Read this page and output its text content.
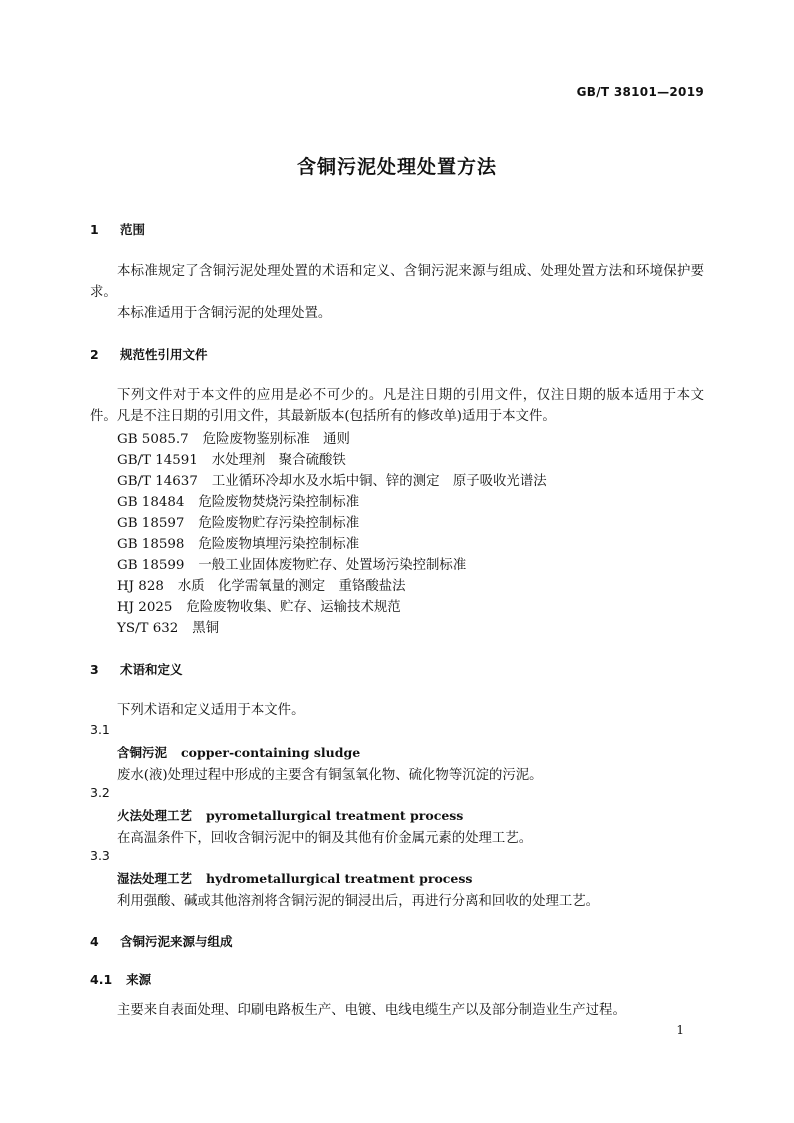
GB/T 38101—2019
含铜污泥处理处置方法
1 范围
本标准规定了含铜污泥处理处置的术语和定义、含铜污泥来源与组成、处理处置方法和环境保护要求。
本标准适用于含铜污泥的处理处置。
2 规范性引用文件
下列文件对于本文件的应用是必不可少的。凡是注日期的引用文件，仅注日期的版本适用于本文件。凡是不注日期的引用文件，其最新版本(包括所有的修改单)适用于本文件。
GB 5085.7 危险废物鉴别标准　通则
GB/T 14591 水处理剂　聚合硫酸铁
GB/T 14637 工业循环冷却水及水垢中铜、锌的测定　原子吸收光谱法
GB 18484 危险废物焚烧污染控制标准
GB 18597 危险废物贮存污染控制标准
GB 18598 危险废物填埋污染控制标准
GB 18599 一般工业固体废物贮存、处置场污染控制标准
HJ 828 水质　化学需氧量的测定　重铬酸盐法
HJ 2025 危险废物收集、贮存、运输技术规范
YS/T 632 黑铜
3 术语和定义
下列术语和定义适用于本文件。
3.1
含铜污泥 copper-containing sludge
废水(液)处理过程中形成的主要含有铜氢氧化物、硫化物等沉淀的污泥。
3.2
火法处理工艺 pyrometallurgical treatment process
在高温条件下，回收含铜污泥中的铜及其他有价金属元素的处理工艺。
3.3
湿法处理工艺 hydrometallurgical treatment process
利用强酸、碱或其他溶剂将含铜污泥的铜浸出后，再进行分离和回收的处理工艺。
4 含铜污泥来源与组成
4.1 来源
主要来自表面处理、印刷电路板生产、电镀、电线电缆生产以及部分制造业生产过程。
1
